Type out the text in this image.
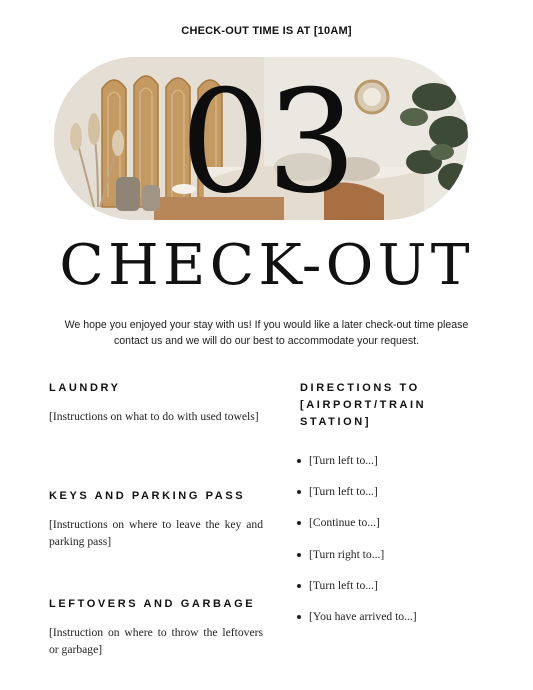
CHECK-OUT TIME IS AT [10AM]
03
CHECK-OUT
We hope you enjoyed your stay with us! If you would like a later check-out time please contact us and we will do our best to accommodate your request.
LAUNDRY
[Instructions on what to do with used towels]
KEYS AND PARKING PASS
[Instructions on where to leave the key and parking pass]
LEFTOVERS AND GARBAGE
[Instruction on where to throw the leftovers or garbage]
DIRECTIONS TO [AIRPORT/TRAIN STATION]
[Turn left to...]
[Turn left to...]
[Continue to...]
[Turn right to...]
[Turn left to...]
[You have arrived to...]
